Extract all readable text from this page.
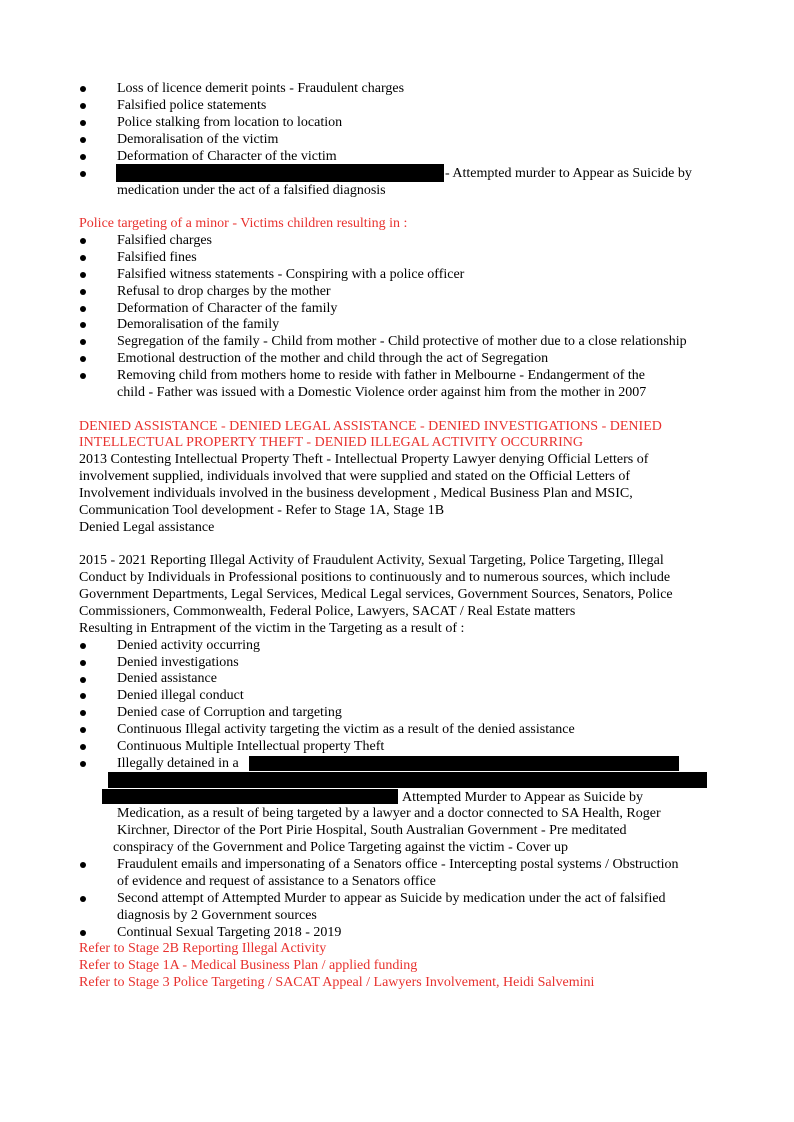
Loss of licence demerit points - Fraudulent charges
Falsified police statements
Police stalking from location to location
Demoralisation of the victim
Deformation of Character of the victim
- Attempted murder to Appear as Suicide by
medication under the act of a falsified diagnosis
Police targeting of a minor - Victims children resulting in :
Falsified charges
Falsified fines
Falsified witness statements - Conspiring with a police officer
Refusal to drop charges by the mother
Deformation of Character of the family
Demoralisation of the family
Segregation of the family - Child from mother - Child protective of mother due to a close relationship
Emotional destruction of the mother and child through the act of Segregation
Removing child from mothers home to reside with father in Melbourne - Endangerment of the
child - Father was issued with a Domestic Violence order against him from the mother in 2007
DENIED ASSISTANCE - DENIED LEGAL ASSISTANCE - DENIED INVESTIGATIONS - DENIED
INTELLECTUAL PROPERTY THEFT - DENIED ILLEGAL ACTIVITY OCCURRING
2013 Contesting Intellectual Property Theft - Intellectual Property Lawyer denying Official Letters of
involvement supplied, individuals involved that were supplied and stated on the Official Letters of
Involvement individuals involved in the business development , Medical Business Plan and MSIC,
Communication Tool development - Refer to Stage 1A, Stage 1B
Denied Legal assistance
2015 - 2021 Reporting Illegal Activity of Fraudulent Activity, Sexual Targeting, Police Targeting, Illegal
Conduct by Individuals in Professional positions to continuously and to numerous sources, which include
Government Departments, Legal Services, Medical Legal services, Government Sources, Senators, Police
Commissioners, Commonwealth, Federal Police, Lawyers, SACAT / Real Estate matters
Resulting in Entrapment of the victim in the Targeting as a result of :
Denied activity occurring
Denied investigations
Denied assistance
Denied illegal conduct
Denied case of Corruption and targeting
Continuous Illegal activity targeting the victim as a result of the denied assistance
Continuous Multiple Intellectual property Theft
Illegally detained in a
Attempted Murder to Appear as Suicide by
Medication, as a result of being targeted by a lawyer and a doctor connected to SA Health, Roger
Kirchner, Director of the Port Pirie Hospital, South Australian Government - Pre meditated
conspiracy of the Government and Police Targeting against the victim - Cover up
Fraudulent emails and impersonating of a Senators office - Intercepting postal systems / Obstruction
of evidence and request of assistance to a Senators office
Second attempt of Attempted Murder to appear as Suicide by medication under the act of falsified
diagnosis by 2 Government sources
Continual Sexual Targeting 2018 - 2019
Refer to Stage 2B Reporting Illegal Activity
Refer to Stage 1A - Medical Business Plan / applied funding
Refer to Stage 3 Police Targeting / SACAT Appeal / Lawyers Involvement, Heidi Salvemini
